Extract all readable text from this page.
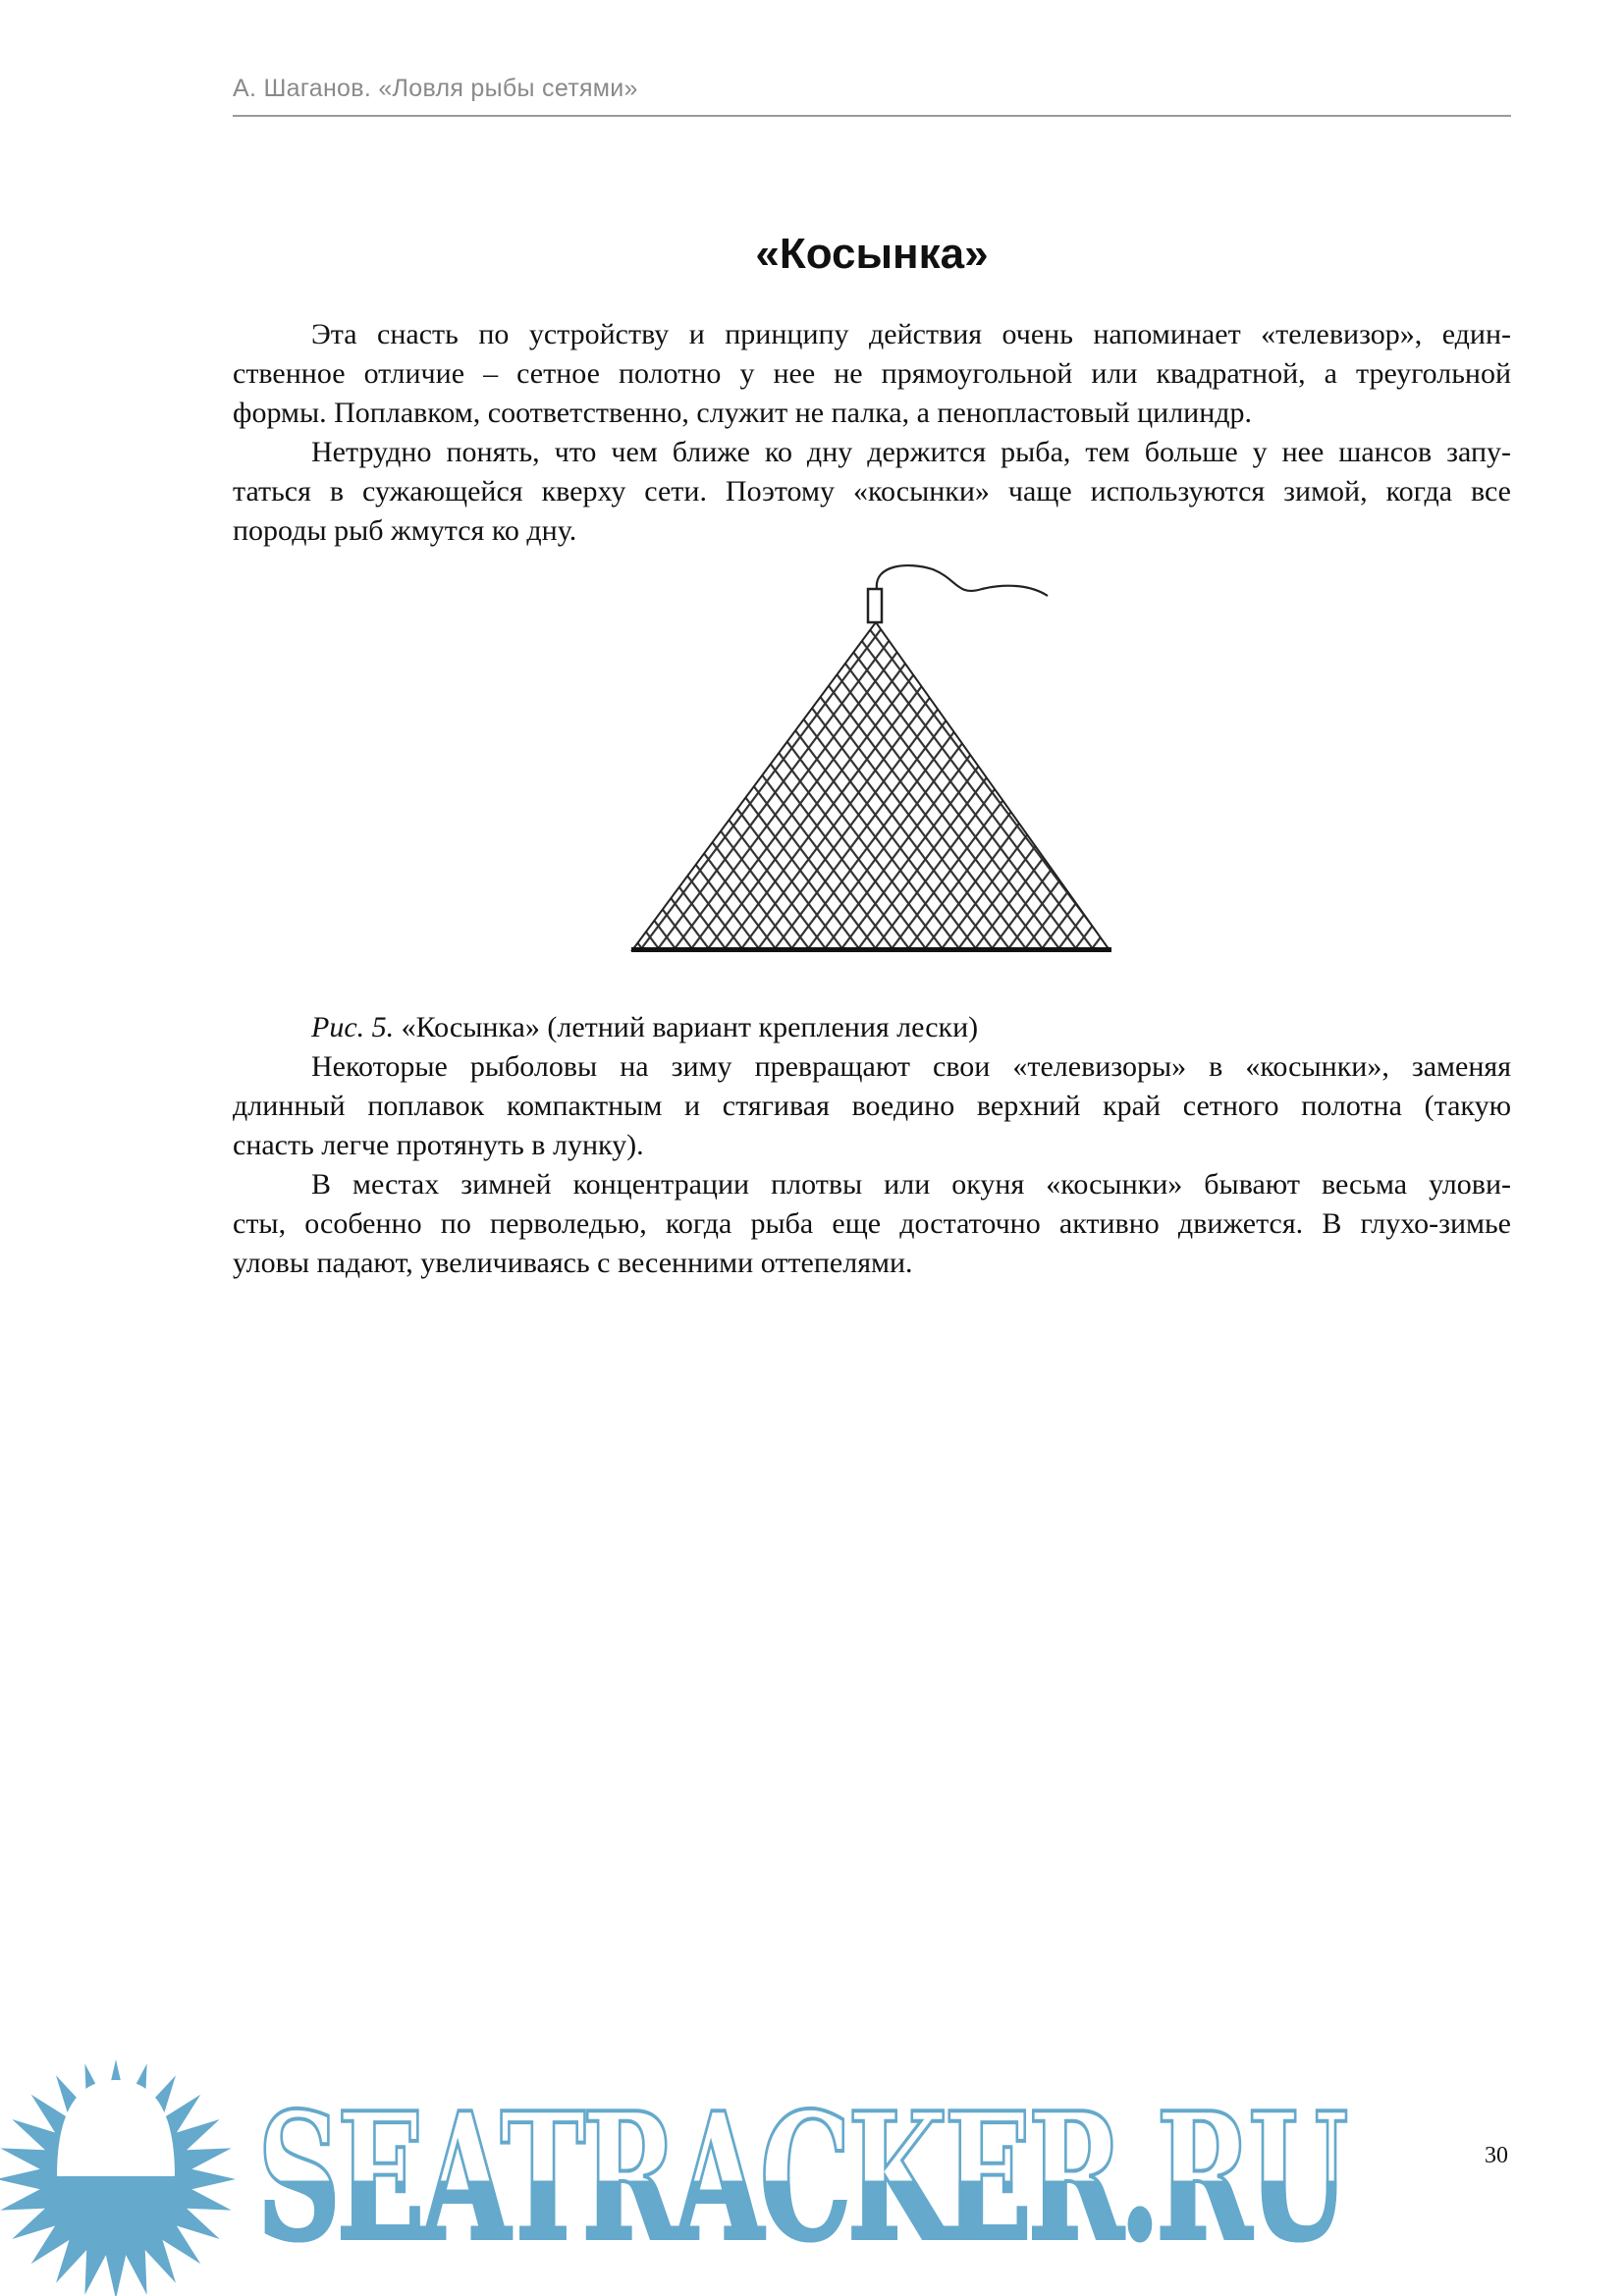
А. Шаганов. «Ловля рыбы сетями»
«Косынка»
Эта снасть по устройству и принципу действия очень напоминает «телевизор», един-
ственное отличие – сетное полотно у нее не прямоугольной или квадратной, а треугольной
формы. Поплавком, соответственно, служит не палка, а пенопластовый цилиндр.
Нетрудно понять, что чем ближе ко дну держится рыба, тем больше у нее шансов запу-
таться в сужающейся кверху сети. Поэтому «косынки» чаще используются зимой, когда все
породы рыб жмутся ко дну.
Рис. 5. «Косынка» (летний вариант крепления лески)
Некоторые рыболовы на зиму превращают свои «телевизоры» в «косынки», заменяя
длинный поплавок компактным и стягивая воедино верхний край сетного полотна (такую
снасть легче протянуть в лунку).
В местах зимней концентрации плотвы или окуня «косынки» бывают весьма улови-
сты, особенно по перволедью, когда рыба еще достаточно активно движется. В глухо-зимье
уловы падают, увеличиваясь с весенними оттепелями.
SEATRACKER.RU	30
